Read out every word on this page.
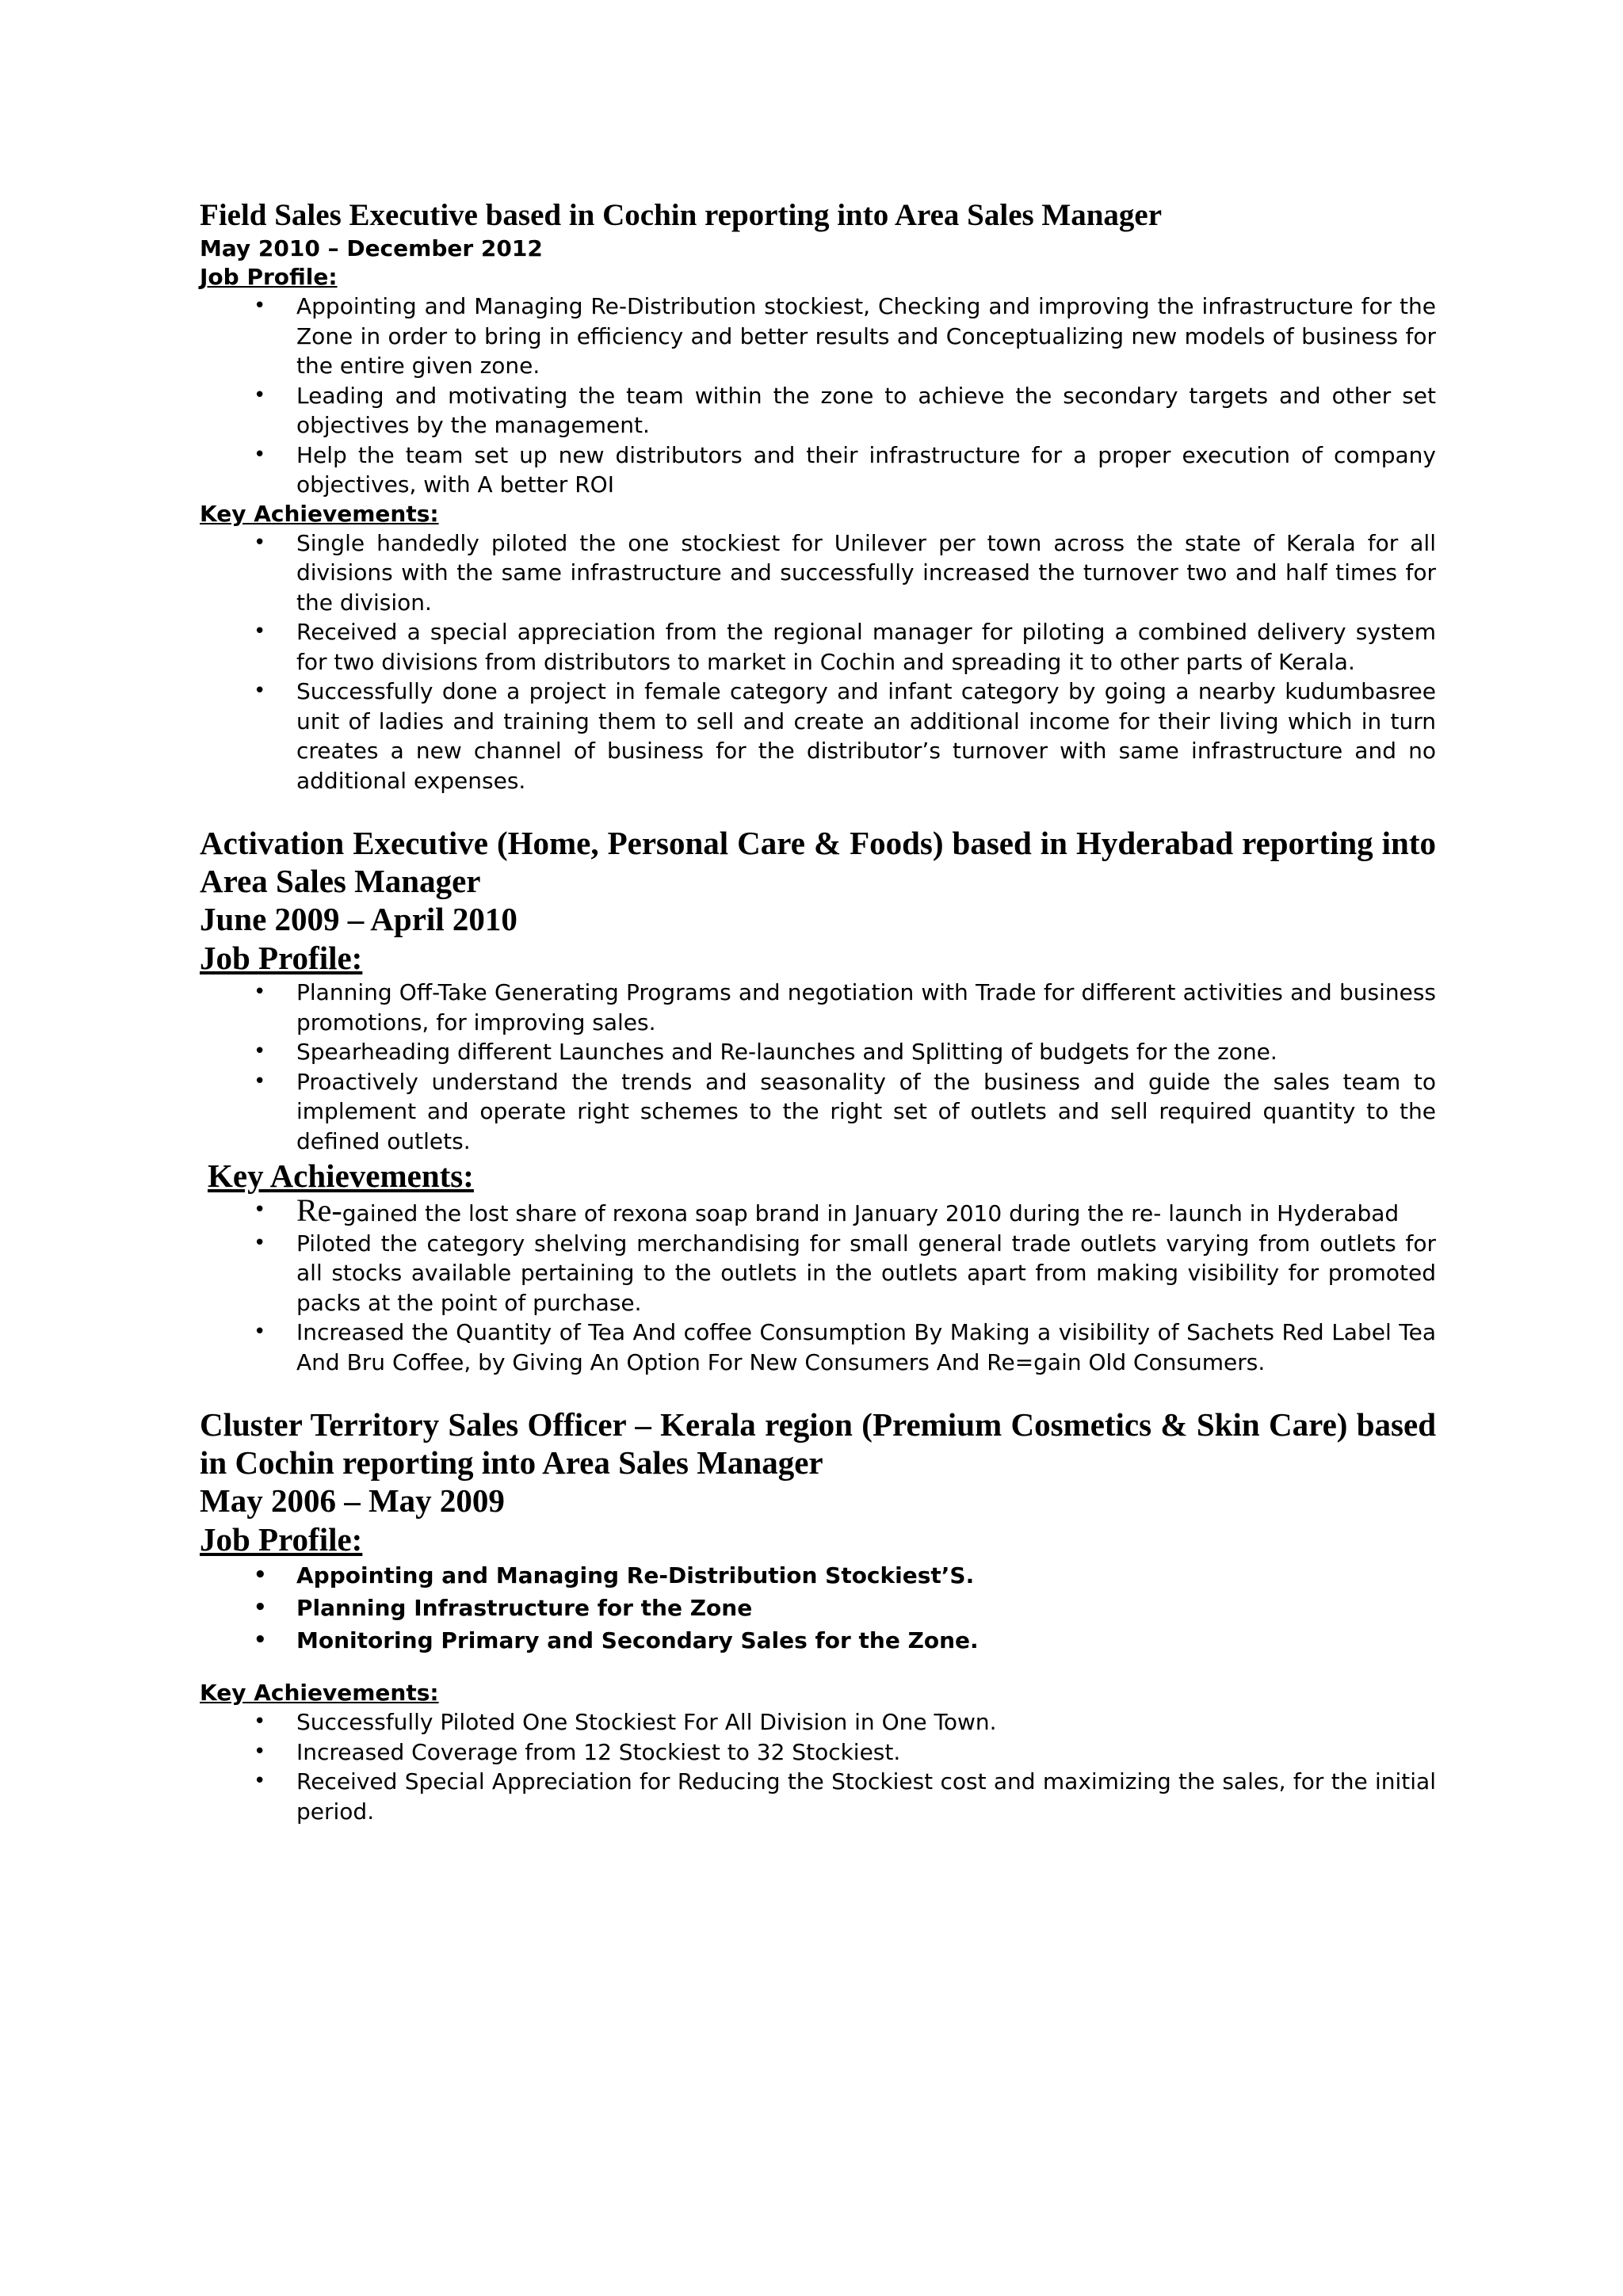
Field Sales Executive based in Cochin reporting into Area Sales Manager
May 2010 – December 2012
Job Profile:
• Appointing and Managing Re-Distribution stockiest, Checking and improving the infrastructure for the Zone in order to bring in efficiency and better results and Conceptualizing new models of business for the entire given zone.
• Leading and motivating the team within the zone to achieve the secondary targets and other set objectives by the management.
• Help the team set up new distributors and their infrastructure for a proper execution of company objectives, with A better ROI
Key Achievements:
• Single handedly piloted the one stockiest for Unilever per town across the state of Kerala for all divisions with the same infrastructure and successfully increased the turnover two and half times for the division.
• Received a special appreciation from the regional manager for piloting a combined delivery system for two divisions from distributors to market in Cochin and spreading it to other parts of Kerala.
• Successfully done a project in female category and infant category by going a nearby kudumbasree unit of ladies and training them to sell and create an additional income for their living which in turn creates a new channel of business for the distributor’s turnover with same infrastructure and no additional expenses.
Activation Executive (Home, Personal Care & Foods) based in Hyderabad reporting into Area Sales Manager
June 2009 – April 2010
Job Profile:
• Planning Off-Take Generating Programs and negotiation with Trade for different activities and business promotions, for improving sales.
• Spearheading different Launches and Re-launches and Splitting of budgets for the zone.
• Proactively understand the trends and seasonality of the business and guide the sales team to implement and operate right schemes to the right set of outlets and sell required quantity to the defined outlets.
Key Achievements:
• Re-gained the lost share of rexona soap brand in January 2010 during the re- launch in Hyderabad
• Piloted the category shelving merchandising for small general trade outlets varying from outlets for all stocks available pertaining to the outlets in the outlets apart from making visibility for promoted packs at the point of purchase.
• Increased the Quantity of Tea And coffee Consumption By Making a visibility of Sachets Red Label Tea And Bru Coffee, by Giving An Option For New Consumers And Re=gain Old Consumers.
Cluster Territory Sales Officer – Kerala region (Premium Cosmetics & Skin Care) based in Cochin reporting into Area Sales Manager
May 2006 – May 2009
Job Profile:
• Appointing and Managing Re-Distribution Stockiest’S.
• Planning Infrastructure for the Zone
• Monitoring Primary and Secondary Sales for the Zone.
Key Achievements:
• Successfully Piloted One Stockiest For All Division in One Town.
• Increased Coverage from 12 Stockiest to 32 Stockiest.
• Received Special Appreciation for Reducing the Stockiest cost and maximizing the sales, for the initial period.
